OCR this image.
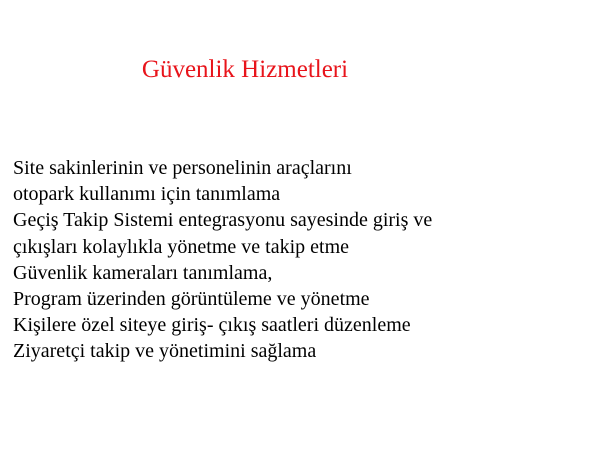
Güvenlik Hizmetleri
Site sakinlerinin ve personelinin araçlarını
otopark kullanımı için tanımlama
Geçiş Takip Sistemi entegrasyonu sayesinde giriş ve
çıkışları kolaylıkla yönetme ve takip etme
Güvenlik kameraları tanımlama,
Program üzerinden görüntüleme ve yönetme
Kişilere özel siteye giriş- çıkış saatleri düzenleme
Ziyaretçi takip ve yönetimini sağlama
